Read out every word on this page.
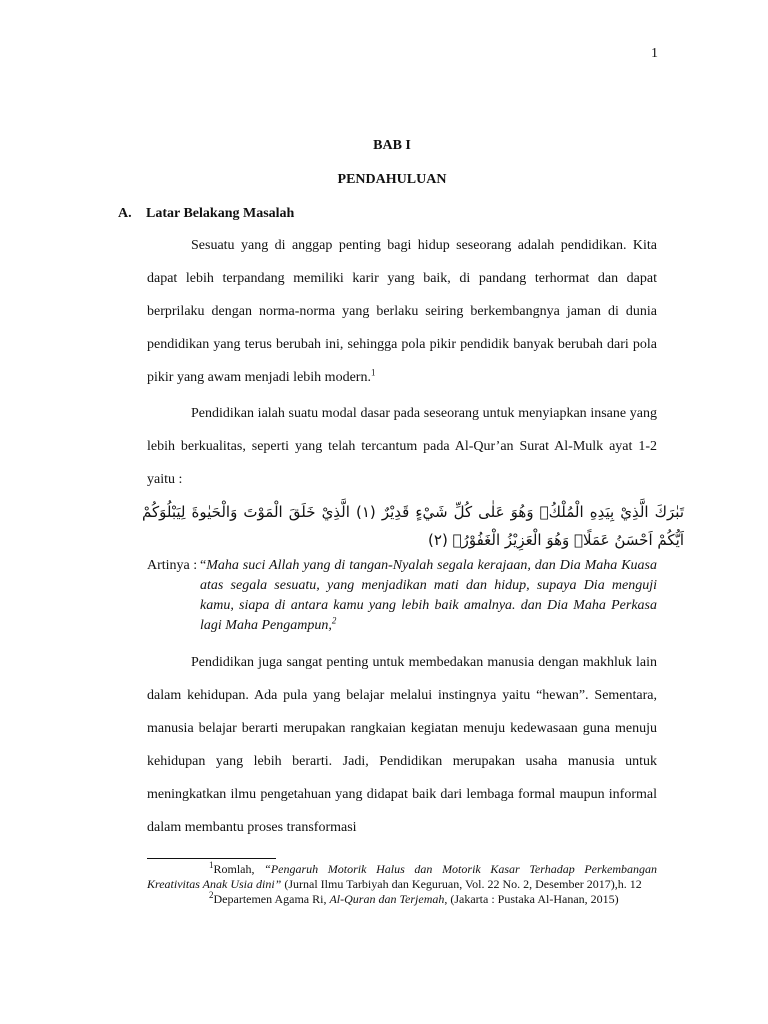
1
BAB I
PENDAHULUAN
A. Latar Belakang Masalah
Sesuatu yang di anggap penting bagi hidup seseorang adalah pendidikan. Kita dapat lebih terpandang memiliki karir yang baik, di pandang terhormat dan dapat berprilaku dengan norma-norma yang berlaku seiring berkembangnya jaman di dunia pendidikan yang terus berubah ini, sehingga pola pikir pendidik banyak berubah dari pola pikir yang awam menjadi lebih modern.$^1$
Pendidikan ialah suatu modal dasar pada seseorang untuk menyiapkan insane yang lebih berkualitas, seperti yang telah tercantum pada Al-Qur’an Surat Al-Mulk ayat 1-2 yaitu :
تَبٰرَكَ الَّذِيْ بِيَدِهِ الْمُلْكُۖ وَهُوَ عَلٰى كُلِّ شَيْءٍ قَدِيْرٌ (١) الَّذِيْ خَلَقَ الْمَوْتَ وَالْحَيٰوةَ لِيَبْلُوَكُمْ اَيُّكُمْ اَحْسَنُ عَمَلًاۗ وَهُوَ الْعَزِيْزُ الْغَفُوْرُۙ (٢)
Artinya : “Maha suci Allah yang di tangan-Nyalah segala kerajaan, dan Dia Maha Kuasa atas segala sesuatu, yang menjadikan mati dan hidup, supaya Dia menguji kamu, siapa di antara kamu yang lebih baik amalnya. dan Dia Maha Perkasa lagi Maha Pengampun,$^2$
Pendidikan juga sangat penting untuk membedakan manusia dengan makhluk lain dalam kehidupan. Ada pula yang belajar melalui instingnya yaitu “hewan”. Sementara, manusia belajar berarti merupakan rangkaian kegiatan menuju kedewasaan guna menuju kehidupan yang lebih berarti. Jadi, Pendidikan merupakan usaha manusia untuk meningkatkan ilmu pengetahuan yang didapat baik dari lembaga formal maupun informal dalam membantu proses transformasi
$^1$Romlah, “Pengaruh Motorik Halus dan Motorik Kasar Terhadap Perkembangan Kreativitas Anak Usia dini” (Jurnal Ilmu Tarbiyah dan Keguruan, Vol. 22 No. 2, Desember 2017),h. 12
$^2$Departemen Agama Ri, Al-Quran dan Terjemah, (Jakarta : Pustaka Al-Hanan, 2015)
